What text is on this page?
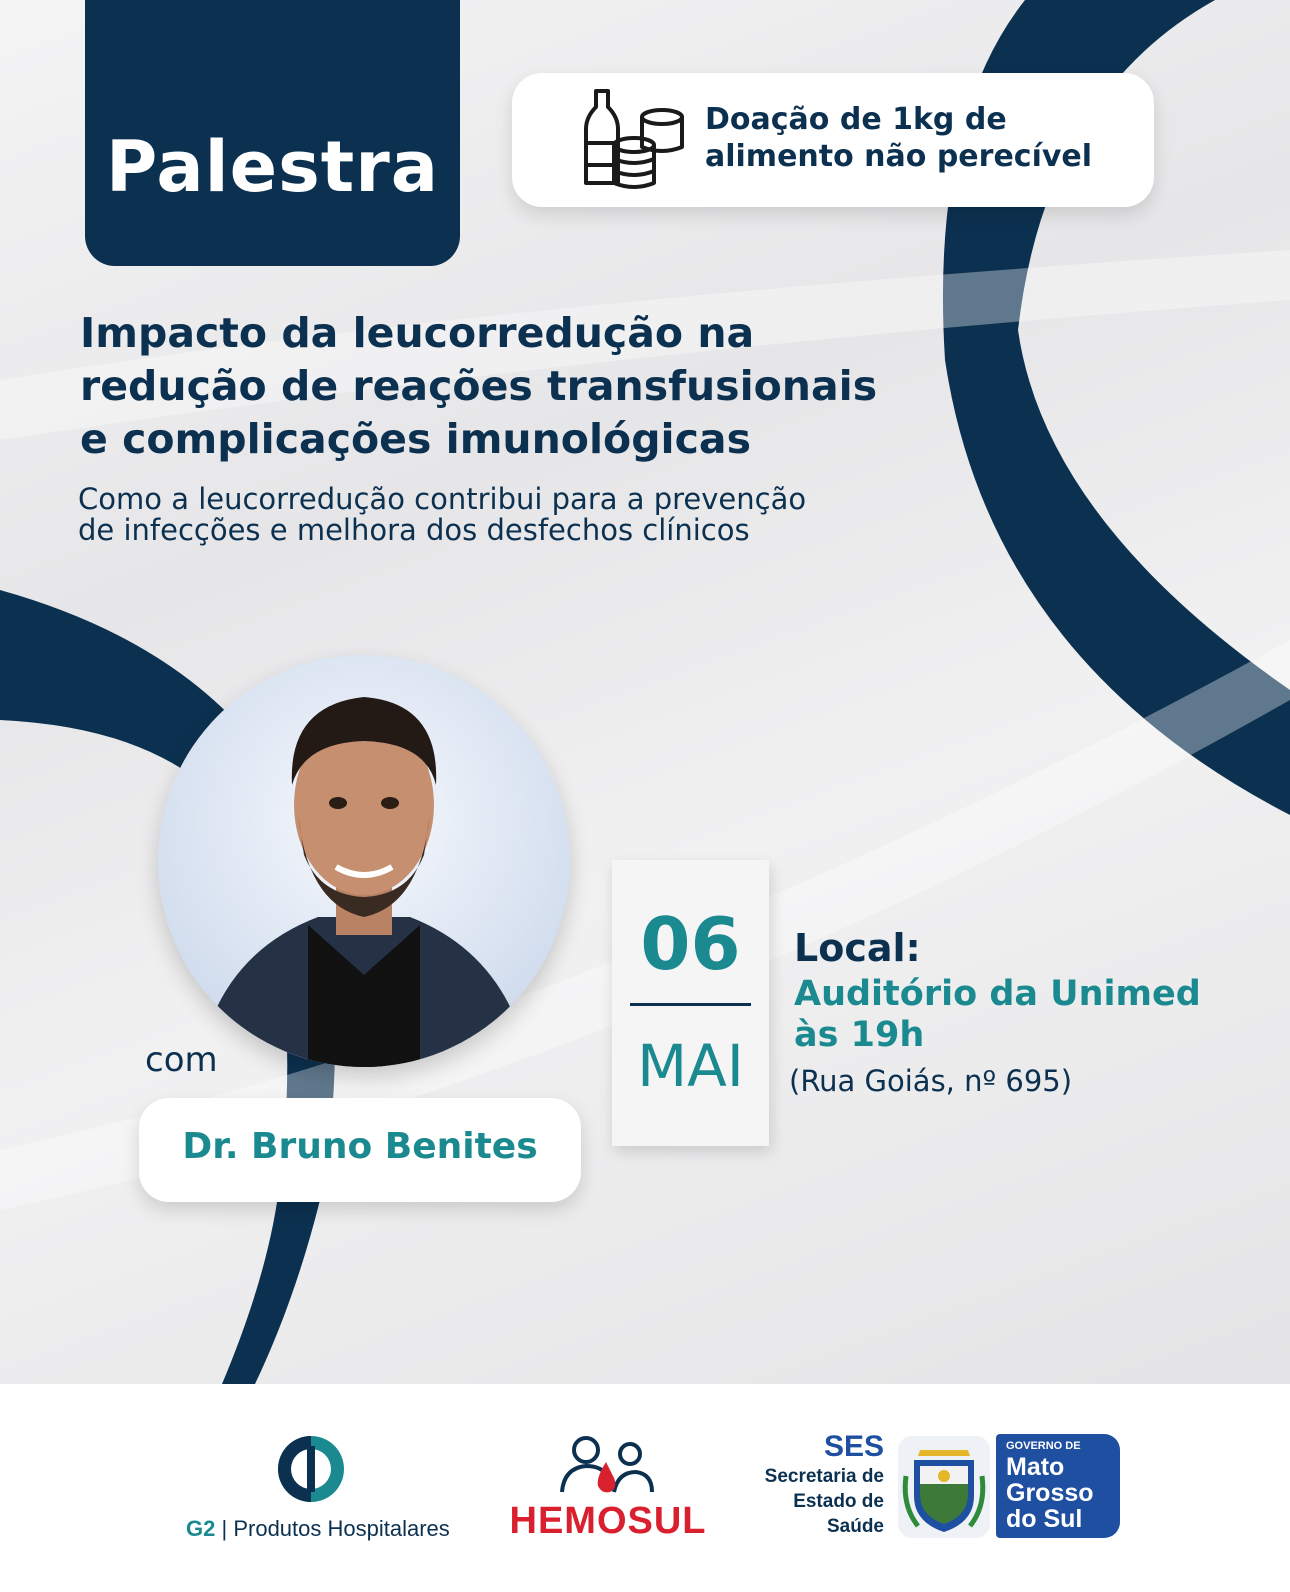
Palestra
Doação de 1kg de
alimento não perecível
Impacto da leucorredução na
redução de reações transfusionais
e complicações imunológicas
Como a leucorredução contribui para a prevenção
de infecções e melhora dos desfechos clínicos
com
Dr. Bruno Benites
06
MAI
Local:
Auditório da Unimed
às 19h
(Rua Goiás, nº 695)
G2 | Produtos Hospitalares HEMOSUL
SES
Secretaria de
Estado de
Saúde
GOVERNO DE
Mato
Grosso
do Sul
